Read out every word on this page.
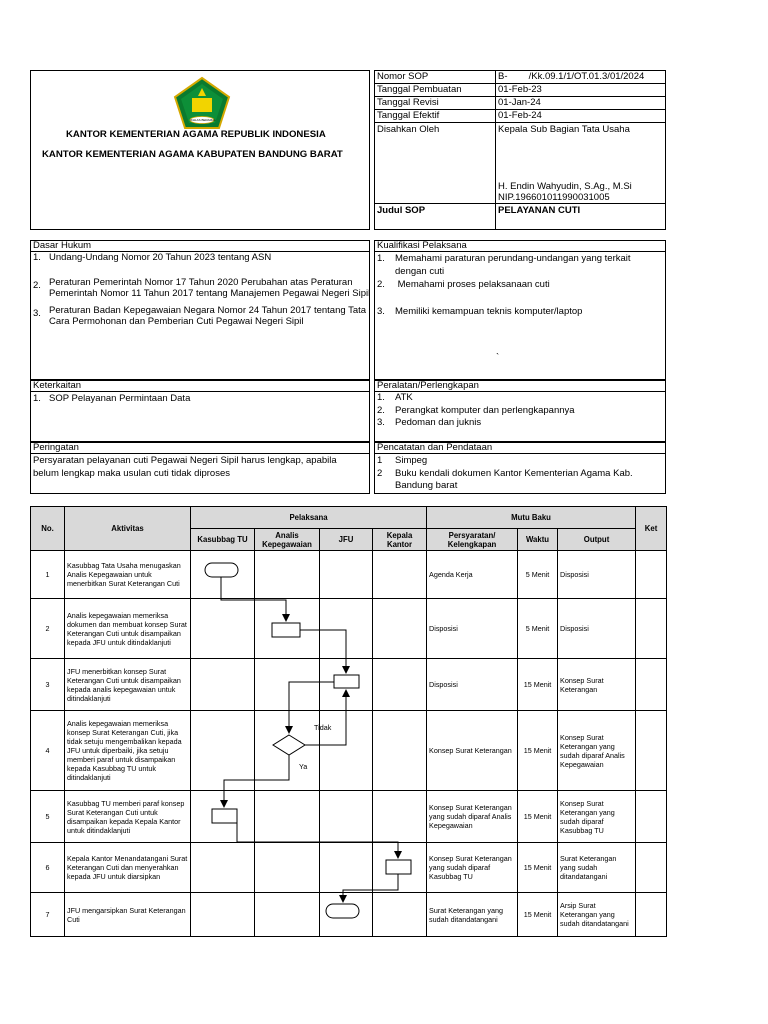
IKHLAS BERAMAL
KANTOR KEMENTERIAN AGAMA REPUBLIK INDONESIA
KANTOR KEMENTERIAN AGAMA KABUPATEN BANDUNG BARAT
Nomor SOP	B-        /Kk.09.1/1/OT.01.3/01/2024
Tanggal Pembuatan	01-Feb-23
Tanggal Revisi	01-Jan-24
Tanggal Efektif	01-Feb-24
Disahkan Oleh	Kepala Sub Bagian Tata Usaha
H. Endin Wahyudin, S.Ag., M.Si
NIP.196601011990031005
Judul SOP	PELAYANAN CUTI
Dasar Hukum
1. Undang-Undang Nomor 20 Tahun 2023 tentang ASN
2. Peraturan Pemerintah Nomor 17 Tahun 2020 Perubahan atas Peraturan
Pemerintah Nomor 11 Tahun 2017 tentang Manajemen Pegawai Negeri Sipil
3. Peraturan Badan Kepegawaian Negara Nomor 24 Tahun 2017 tentang Tata
Cara Permohonan dan Pemberian Cuti Pegawai Negeri Sipil
Kualifikasi Pelaksana
1. Memahami paraturan perundang-undangan yang terkait
dengan cuti
2. Memahami proses pelaksanaan cuti
3. Memiliki kemampuan teknis komputer/laptop
`
Keterkaitan
1. SOP Pelayanan Permintaan Data
Peralatan/Perlengkapan
1. ATK
2. Perangkat komputer dan perlengkapannya
3. Pedoman dan juknis
Peringatan
Persyaratan pelayanan cuti Pegawai Negeri Sipil harus lengkap, apabila
belum lengkap maka usulan cuti tidak diproses
Pencatatan dan Pendataan
1 Simpeg
2 Buku kendali dokumen Kantor Kementerian Agama Kab.
Bandung barat
No.	Aktivitas	Pelaksana				Mutu Baku			Ket
		Kasubbag TU	Analis Kepegawaian	JFU	Kepala Kantor	Persyaratan/ Kelengkapan	Waktu	Output	
1	Kasubbag Tata Usaha menugaskan Analis Kepegawaian untuk menerbitkan Surat Keterangan Cuti					Agenda Kerja	5 Menit	Disposisi	
2	Analis kepegawaian memeriksa dokumen dan membuat konsep Surat Keterangan Cuti untuk disampaikan kepada JFU untuk ditindaklanjuti					Disposisi	5 Menit	Disposisi	
3	JFU menerbitkan konsep Surat Keterangan Cuti untuk disampaikan kepada analis kepegawaian untuk ditindaklanjuti					Disposisi	15 Menit	Konsep Surat Keterangan	
4	Analis kepegawaian memeriksa konsep Surat Keterangan Cuti, jika tidak setuju mengembalikan kepada JFU untuk diperbaiki, jika setuju memberi paraf untuk disampaikan kepada Kasubbag TU untuk ditindaklanjuti					Konsep Surat Keterangan	15 Menit	Konsep Surat Keterangan yang sudah diparaf Analis Kepegawaian	
5	Kasubbag TU memberi paraf konsep Surat Keterangan Cuti untuk disampaikan kepada Kepala Kantor untuk ditindaklanjuti					Konsep Surat Keterangan yang sudah diparaf Analis Kepegawaian	15 Menit	Konsep Surat Keterangan yang sudah diparaf Kasubbag TU	
6	Kepala Kantor Menandatangani Surat Keterangan Cuti dan menyerahkan kepada JFU untuk diarsipkan					Konsep Surat Keterangan yang sudah diparaf Kasubbag TU	15 Menit	Surat Keterangan yang sudah ditandatangani	
7	JFU mengarsipkan Surat Keterangan Cuti					Surat Keterangan yang sudah ditandatangani	15 Menit	Arsip Surat Keterangan yang sudah ditandatangani	
Tidak
Ya
